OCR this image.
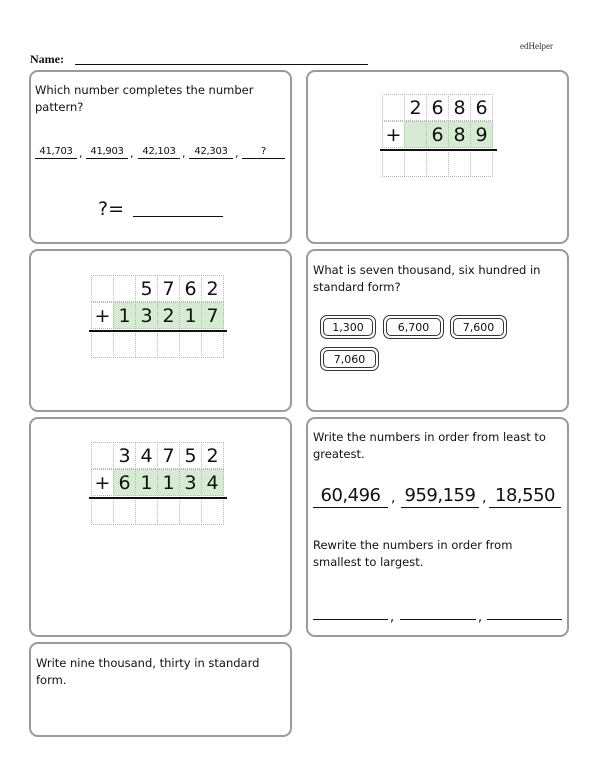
edHelper
Name:
Which number completes the number pattern?
41,703 , 41,903 , 42,103 , 42,303 ,	?
?=
2 6 8 6
+ 6 8 9
5 7 6 2
+ 1 3 2 1 7
What is seven thousand, six hundred in standard form?
1,300	6,700	7,600
7,060
3 4 7 5 2
+ 6 1 1 3 4
Write the numbers in order from least to greatest.
60,496 , 959,159 , 18,550
Rewrite the numbers in order from smallest to largest.
,	,
Write nine thousand, thirty in standard form.
